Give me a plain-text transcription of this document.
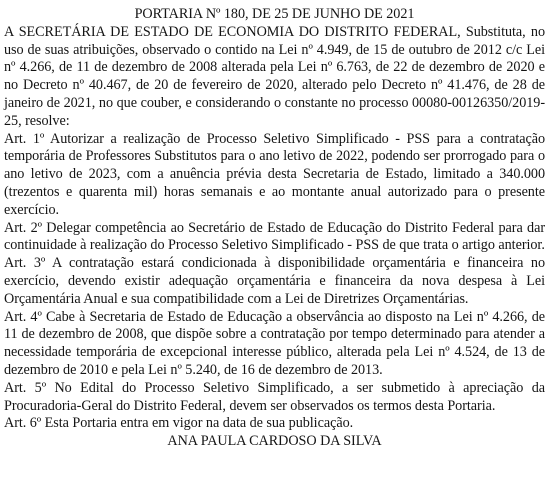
PORTARIA Nº 180, DE 25 DE JUNHO DE 2021

A SECRETÁRIA DE ESTADO DE ECONOMIA DO DISTRITO FEDERAL, Substituta, no uso de suas atribuições, observado o contido na Lei nº 4.949, de 15 de outubro de 2012 c/c Lei nº 4.266, de 11 de dezembro de 2008 alterada pela Lei nº 6.763, de 22 de dezembro de 2020 e no Decreto nº 40.467, de 20 de fevereiro de 2020, alterado pelo Decreto nº 41.476, de 28 de janeiro de 2021, no que couber, e considerando o constante no processo 00080-00126350/2019-25, resolve:

Art. 1º Autorizar a realização de Processo Seletivo Simplificado - PSS para a contratação temporária de Professores Substitutos para o ano letivo de 2022, podendo ser prorrogado para o ano letivo de 2023, com a anuência prévia desta Secretaria de Estado, limitado a 340.000 (trezentos e quarenta mil) horas semanais e ao montante anual autorizado para o presente exercício.

Art. 2º Delegar competência ao Secretário de Estado de Educação do Distrito Federal para dar continuidade à realização do Processo Seletivo Simplificado - PSS de que trata o artigo anterior.

Art. 3º A contratação estará condicionada à disponibilidade orçamentária e financeira no exercício, devendo existir adequação orçamentária e financeira da nova despesa à Lei Orçamentária Anual e sua compatibilidade com a Lei de Diretrizes Orçamentárias.

Art. 4º Cabe à Secretaria de Estado de Educação a observância ao disposto na Lei nº 4.266, de 11 de dezembro de 2008, que dispõe sobre a contratação por tempo determinado para atender a necessidade temporária de excepcional interesse público, alterada pela Lei nº 4.524, de 13 de dezembro de 2010 e pela Lei nº 5.240, de 16 de dezembro de 2013.

Art. 5º No Edital do Processo Seletivo Simplificado, a ser submetido à apreciação da Procuradoria-Geral do Distrito Federal, devem ser observados os termos desta Portaria.

Art. 6º Esta Portaria entra em vigor na data de sua publicação.

ANA PAULA CARDOSO DA SILVA
